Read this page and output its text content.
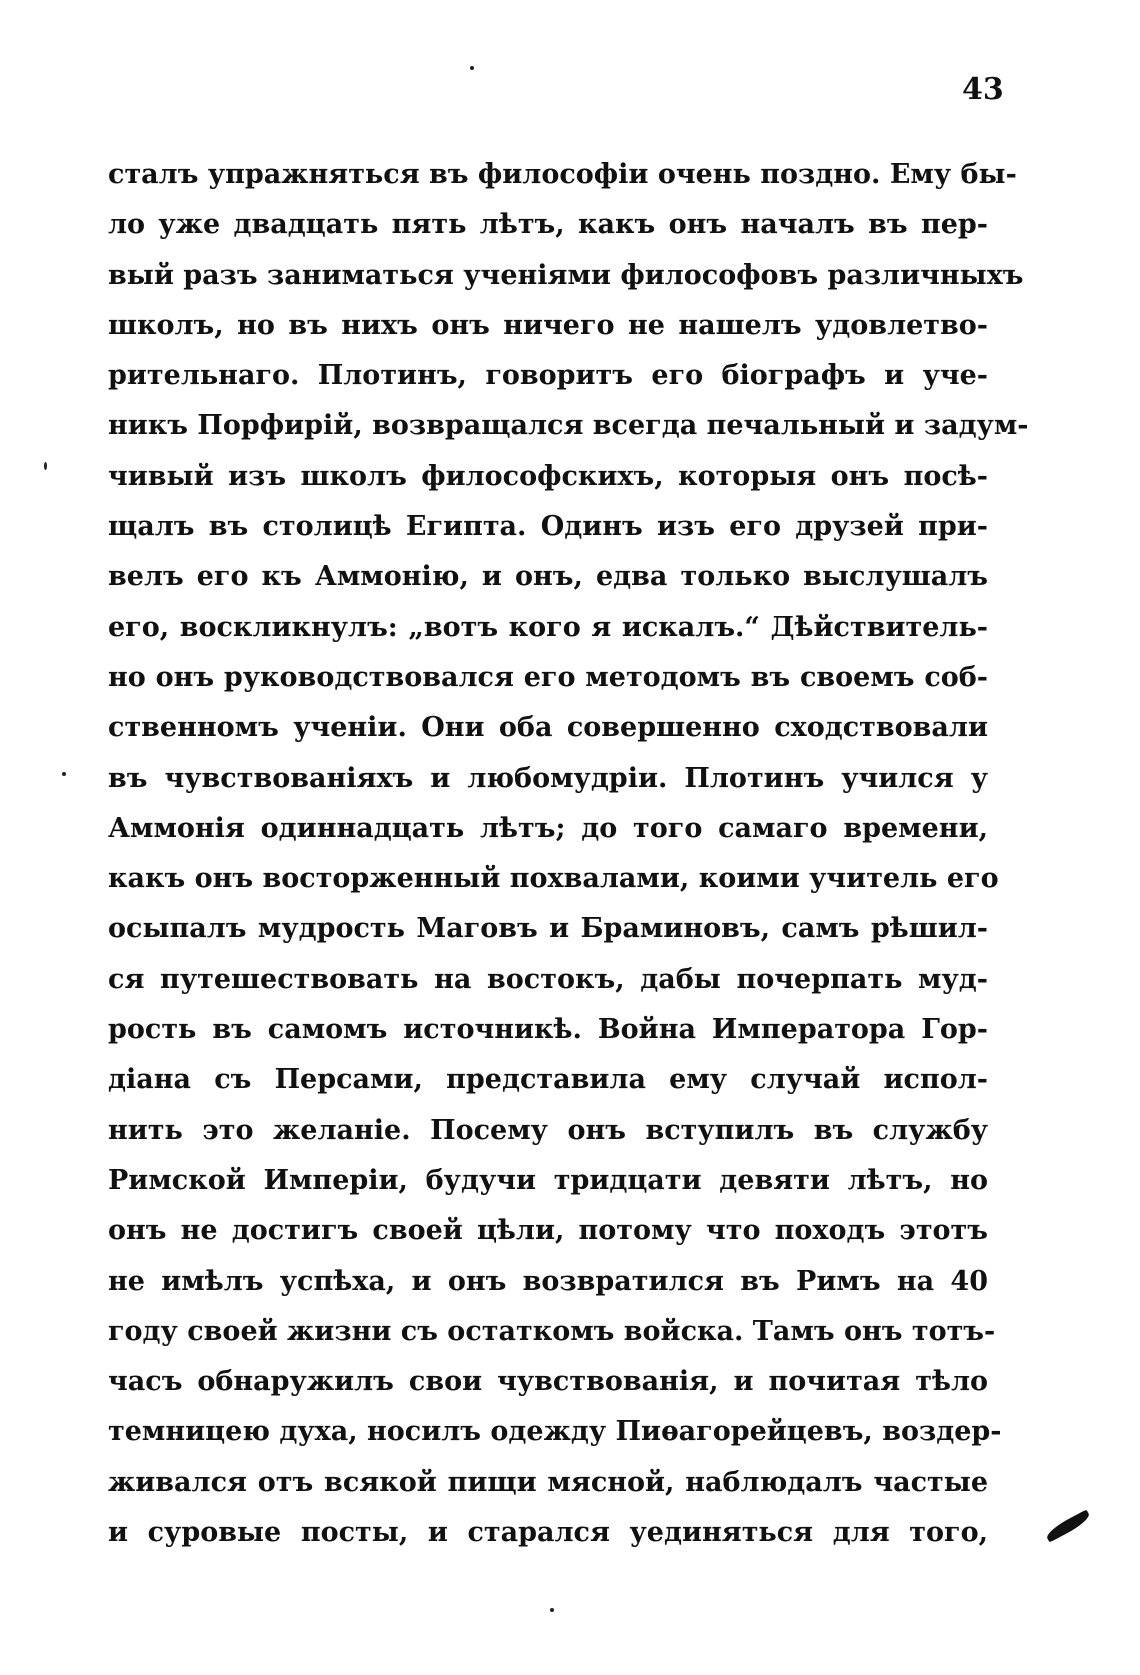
43
сталъ упражняться въ философіи очень поздно. Ему бы-
ло уже двадцать пять лѣтъ, какъ онъ началъ въ пер-
вый разъ заниматься ученіями философовъ различныхъ
школъ, но въ нихъ онъ ничего не нашелъ удовлетво-
рительнаго. Плотинъ, говоритъ его біографъ и уче-
никъ Порфирій, возвращался всегда печальный и задум-
чивый изъ школъ философскихъ, которыя онъ посѣ-
щалъ въ столицѣ Египта. Одинъ изъ его друзей при-
велъ его къ Аммонію, и онъ, едва только выслушалъ
его, воскликнулъ: „вотъ кого я искалъ.“ Дѣйствитель-
но онъ руководствовался его методомъ въ своемъ соб-
ственномъ ученіи. Они оба совершенно сходствовали
въ чувствованіяхъ и любомудріи. Плотинъ учился у
Аммонія одиннадцать лѣтъ; до того самаго времени,
какъ онъ восторженный похвалами, коими учитель его
осыпалъ мудрость Маговъ и Браминовъ, самъ рѣшил-
ся путешествовать на востокъ, дабы почерпать муд-
рость въ самомъ источникѣ. Война Императора Гор-
діана съ Персами, представила ему случай испол-
нить это желаніе. Посему онъ вступилъ въ службу
Римской Имперіи, будучи тридцати девяти лѣтъ, но
онъ не достигъ своей цѣли, потому что походъ этотъ
не имѣлъ успѣха, и онъ возвратился въ Римъ на 40
году своей жизни съ остаткомъ войска. Тамъ онъ тотъ-
часъ обнаружилъ свои чувствованія, и почитая тѣло
темницею духа, носилъ одежду Пиѳагорейцевъ, воздер-
живался отъ всякой пищи мясной, наблюдалъ частые
и суровые посты, и старался уединяться для того,
